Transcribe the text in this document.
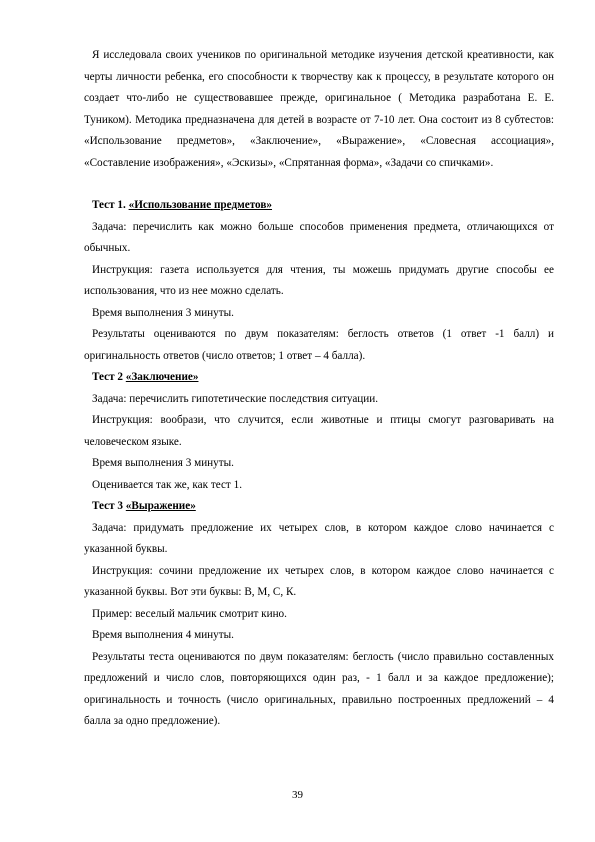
Я исследовала своих учеников по оригинальной методике изучения детской креативности, как черты личности ребенка, его способности к творчеству как к процессу, в результате которого он создает что-либо не существовавшее прежде, оригинальное ( Методика разработана Е. Е. Туником). Методика предназначена для детей в возрасте от 7-10 лет. Она состоит из 8 субтестов: «Использование предметов», «Заключение», «Выражение», «Словесная ассоциация», «Составление изображения», «Эскизы», «Спрятанная форма», «Задачи со спичками».

Тест 1. «Использование предметов»

Задача: перечислить как можно больше способов применения предмета, отличающихся от обычных.

Инструкция: газета используется для чтения, ты можешь придумать другие способы ее использования, что из нее можно сделать.

Время выполнения 3 минуты.

Результаты оцениваются по двум показателям: беглость ответов (1 ответ -1 балл) и оригинальность ответов (число ответов; 1 ответ – 4 балла).

Тест 2 «Заключение»

Задача: перечислить гипотетические последствия ситуации.

Инструкция: вообрази, что случится, если животные и птицы смогут разговаривать на человеческом языке.

Время выполнения 3 минуты.

Оценивается так же, как тест 1.

Тест 3 «Выражение»

Задача: придумать предложение их четырех слов, в котором каждое слово начинается с указанной буквы.

Инструкция: сочини предложение их четырех слов, в котором каждое слово начинается с указанной буквы. Вот эти буквы: В, М, С, К.

Пример: веселый мальчик смотрит кино.

Время выполнения 4 минуты.

Результаты теста оцениваются по двум показателям: беглость (число правильно составленных предложений и число слов, повторяющихся один раз, - 1 балл и за каждое предложение); оригинальность и точность (число оригинальных, правильно построенных предложений – 4 балла за одно предложение).

39
